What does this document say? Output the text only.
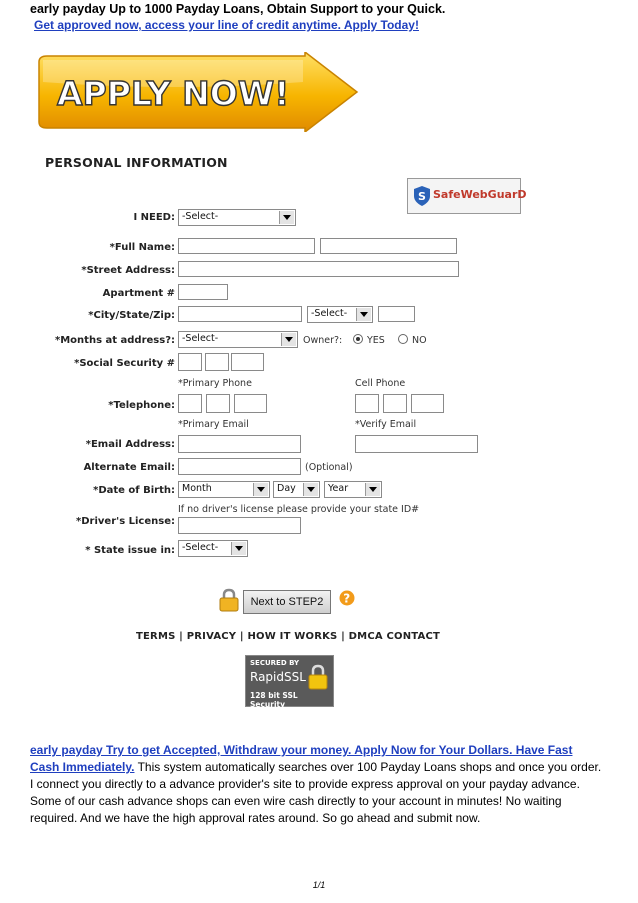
early payday Up to 1000 Payday Loans, Obtain Support to your Quick.
Get approved now, access your line of credit anytime. Apply Today!
APPLY NOW!
PERSONAL INFORMATION
S SafeWebGuarD
I NEED: -Select-
*Full Name:
*Street Address:
Apartment #
*City/State/Zip:	-Select-
*Months at address?: -Select-	Owner?:	YES	NO
*Social Security #
*Primary Phone	Cell Phone
*Telephone:
*Primary Email	*Verify Email
*Email Address:
Alternate Email:	(Optional)
*Date of Birth: Month	Day	Year
If no driver's license please provide your state ID#
*Driver's License:
* State issue in: -Select-
Next to STEP2	?
TERMS | PRIVACY | HOW IT WORKS | DMCA CONTACT
SECURED BY
RapidSSL
128 bit SSL Security
early payday Try to get Accepted, Withdraw your money. Apply Now for Your Dollars. Have Fast Cash Immediately. This system automatically searches over 100 Payday Loans shops and once you order. I connect you directly to a advance provider's site to provide express approval on your payday advance. Some of our cash advance shops can even wire cash directly to your account in minutes! No waiting required. And we have the high approval rates around. So go ahead and submit now.
1/1
